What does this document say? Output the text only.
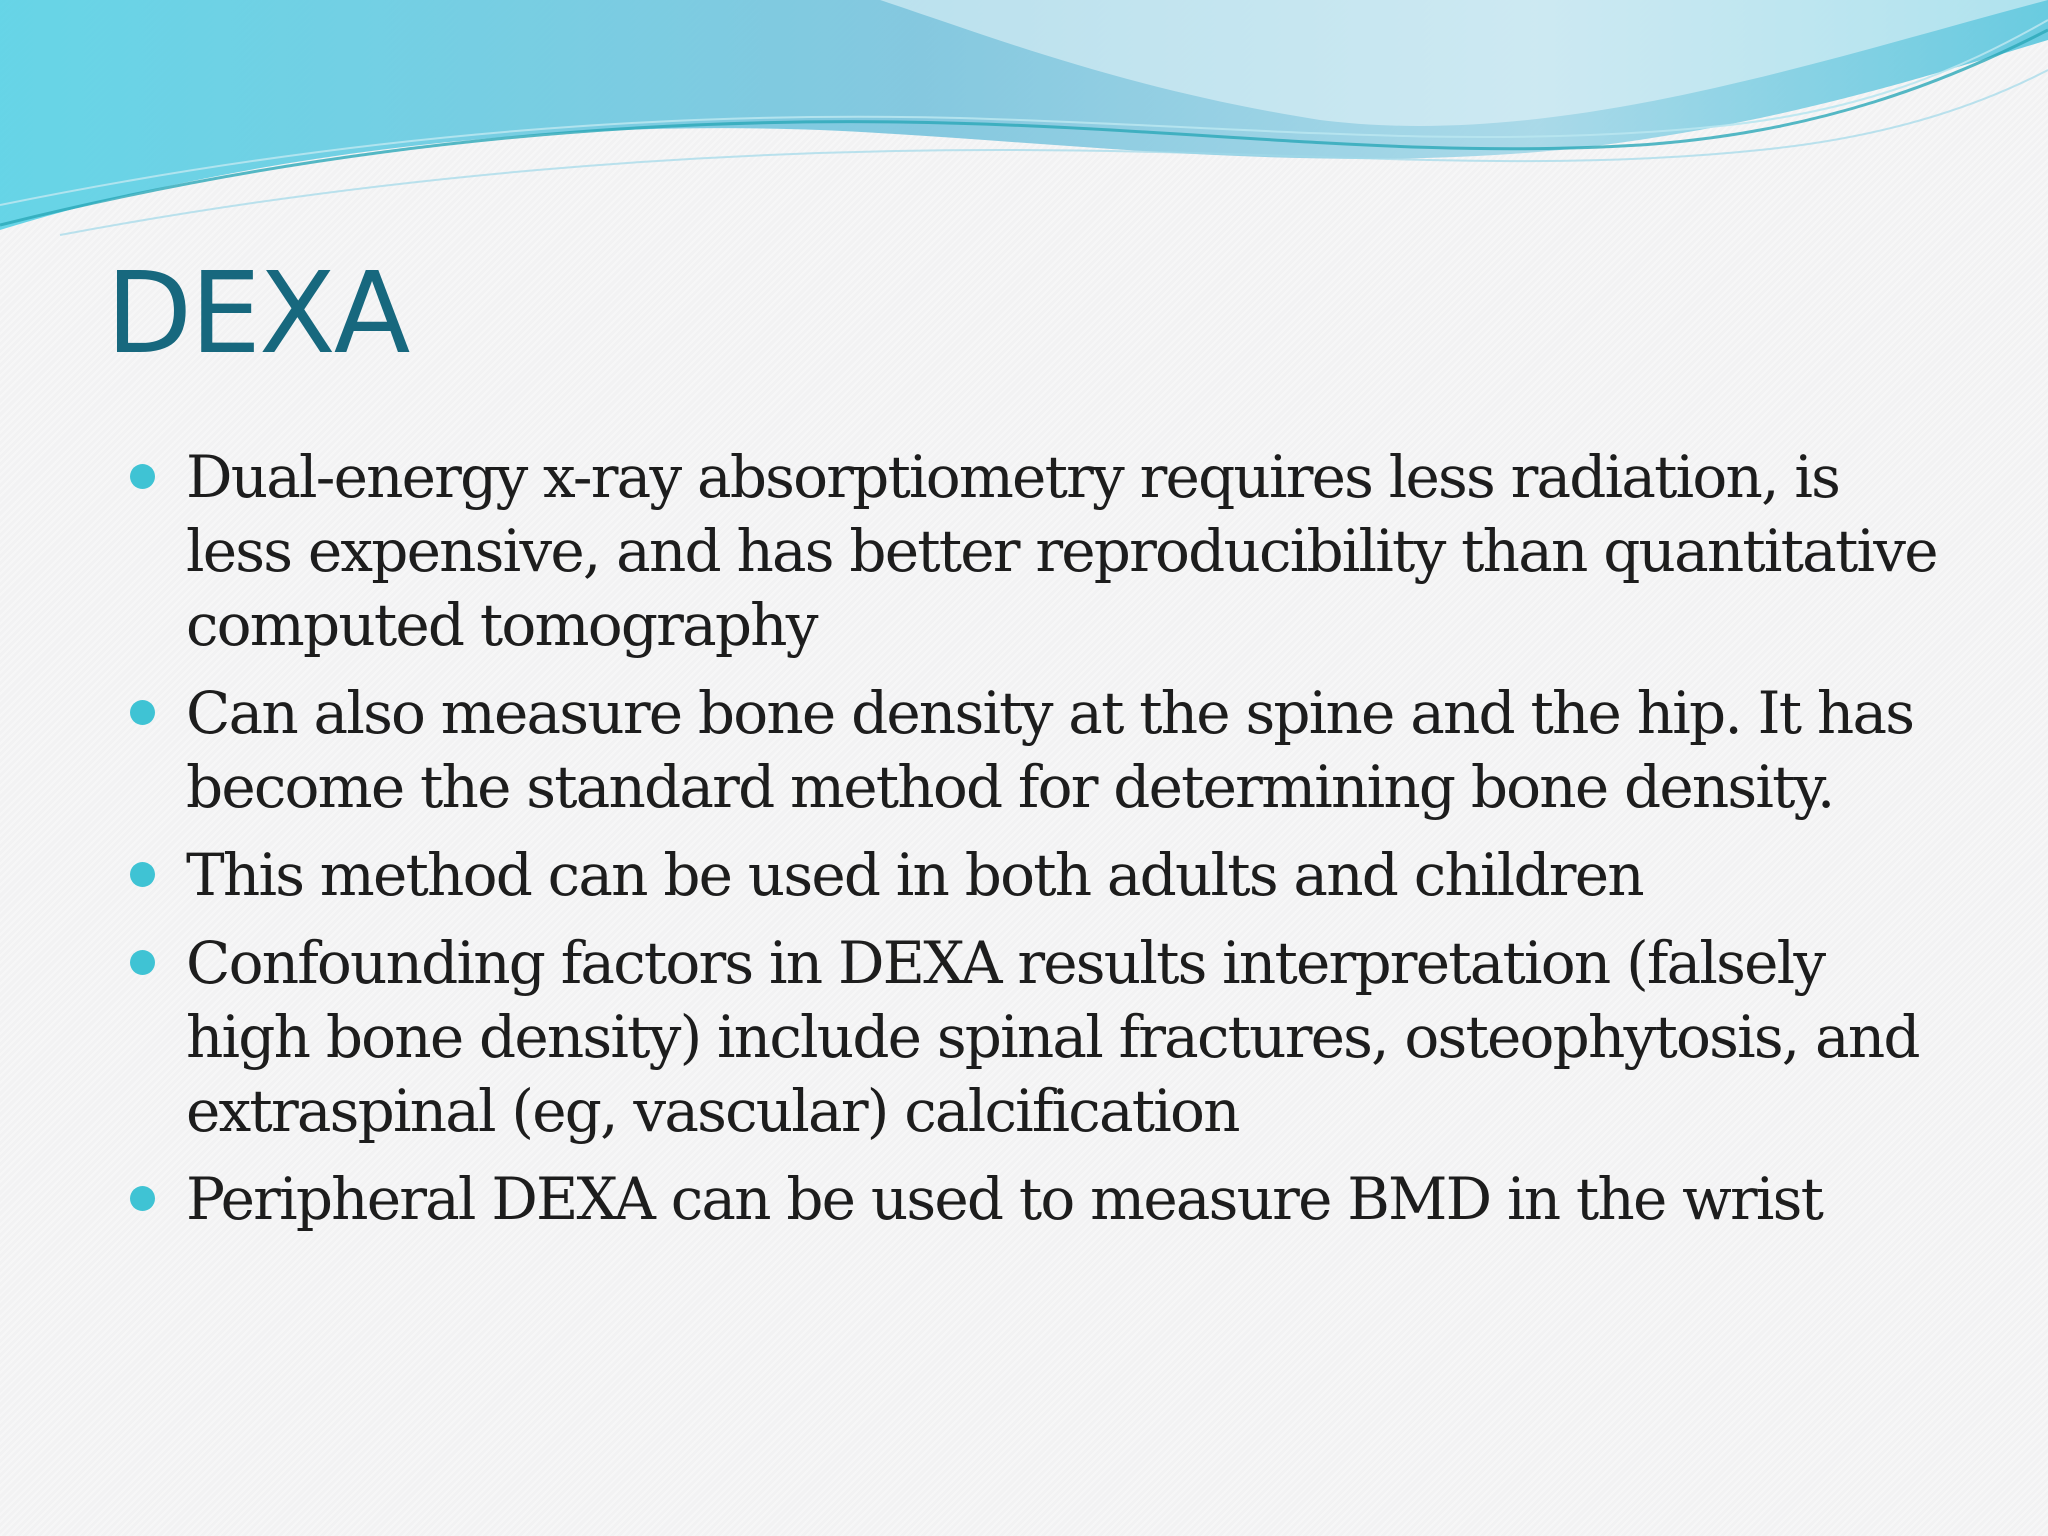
DEXA
Dual-energy x-ray absorptiometry requires less radiation, is less expensive, and has better reproducibility than quantitative computed tomography
Can also measure bone density at the spine and the hip. It has become the standard method for determining bone density.
This method can be used in both adults and children
Confounding factors in DEXA results interpretation (falsely high bone density) include spinal fractures, osteophytosis, and extraspinal (eg, vascular) calcification
Peripheral DEXA can be used to measure BMD in the wrist
